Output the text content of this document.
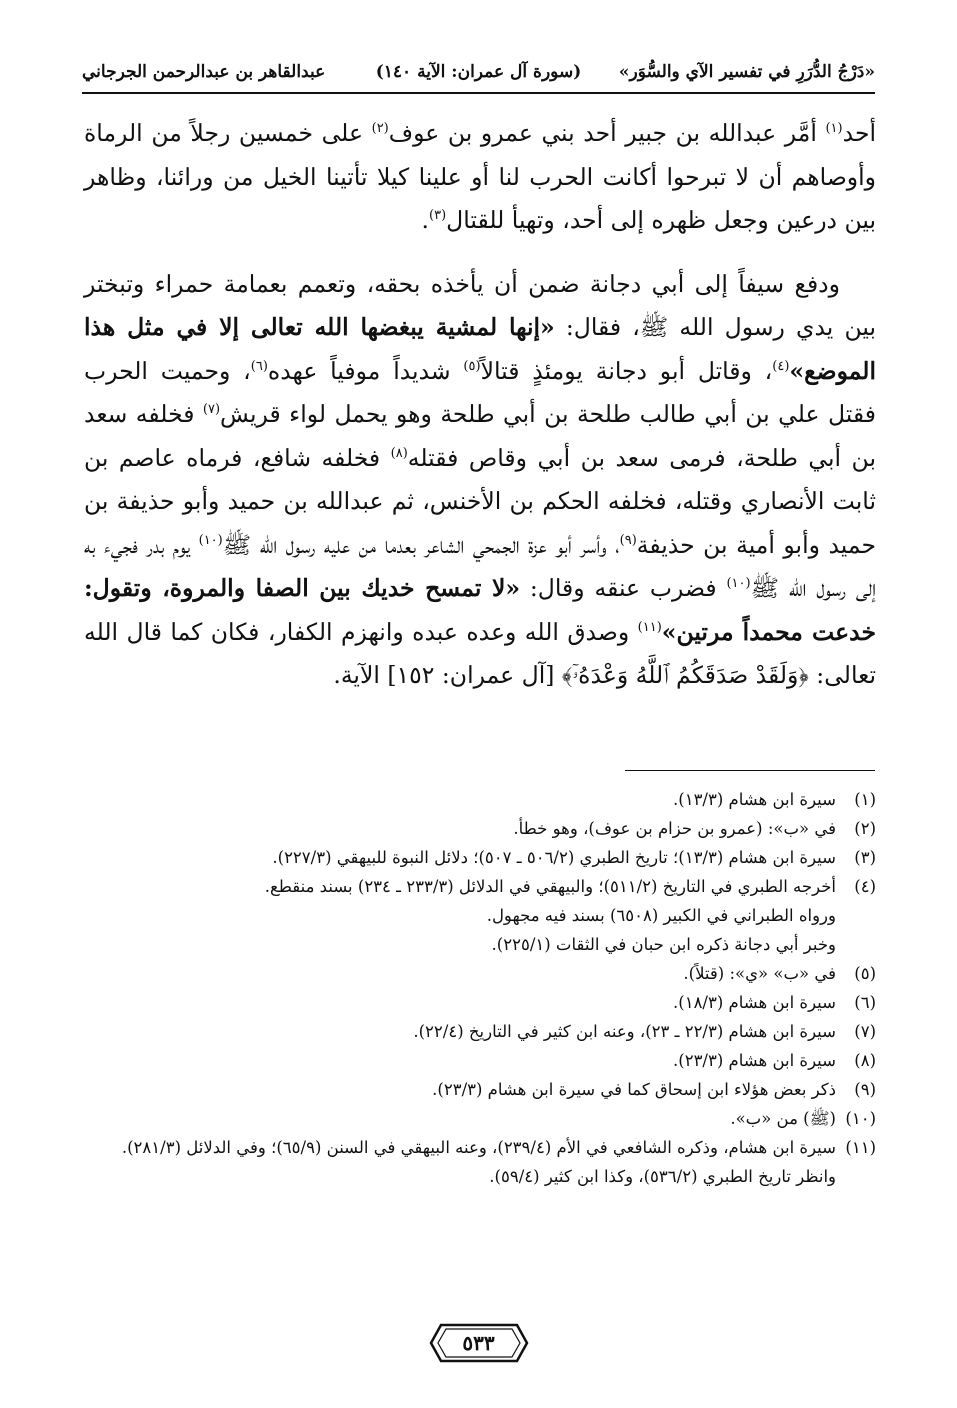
«دَرْجُ الدُّرَرِ في تفسير الآي والسُّوَر»
(سورة آل عمران: الآية ١٤٠)
عبدالقاهر بن عبدالرحمن الجرجاني

أحد$^{(١)}$ أمَّر عبدالله بن جبير أحد بني عمرو بن عوف$^{(٢)}$ على خمسين رجلاً من الرماة وأوصاهم أن لا تبرحوا أكانت الحرب لنا أو علينا كيلا تأتينا الخيل من ورائنا، وظاهر بين درعين وجعل ظهره إلى أحد، وتهيأ للقتال$^{(٣)}$.

ودفع سيفاً إلى أبي دجانة ضمن أن يأخذه بحقه، وتعمم بعمامة حمراء وتبختر بين يدي رسول الله ﷺ، فقال: «إنها لمشية يبغضها الله تعالى إلا في مثل هذا الموضع»$^{(٤)}$، وقاتل أبو دجانة يومئذٍ قتالاً$^{(٥)}$ شديداً موفياً عهده$^{(٦)}$، وحميت الحرب فقتل علي بن أبي طالب طلحة بن أبي طلحة وهو يحمل لواء قريش$^{(٧)}$ فخلفه سعد بن أبي طلحة، فرمى سعد بن أبي وقاص فقتله$^{(٨)}$ فخلفه شافع، فرماه عاصم بن ثابت الأنصاري وقتله، فخلفه الحكم بن الأخنس، ثم عبدالله بن حميد وأبو حذيفة بن حميد وأبو أمية بن حذيفة$^{(٩)}$، وأسر أبو عزة الجمحي الشاعر بعدما من عليه رسول الله ﷺ$^{(١٠)}$ يوم بدر فجيء به إلى رسول الله ﷺ$^{(١٠)}$ فضرب عنقه وقال: «لا تمسح خديك بين الصفا والمروة، وتقول: خدعت محمداً مرتين»$^{(١١)}$ وصدق الله وعده عبده وانهزم الكفار، فكان كما قال الله تعالى: ﴿وَلَقَدْ صَدَقَكُمُ ٱللَّهُ وَعْدَهُۥٓ﴾ [آل عمران: ١٥٢] الآية.

(١)
سيرة ابن هشام (١٣/٣).
(٢)
في «ب»: (عمرو بن حزام بن عوف)، وهو خطأ.
(٣)
سيرة ابن هشام (١٣/٣)؛ تاريخ الطبري (٥٠٦/٢ ـ ٥٠٧)؛ دلائل النبوة للبيهقي (٢٢٧/٣).
(٤)
أخرجه الطبري في التاريخ (٥١١/٢)؛ والبيهقي في الدلائل (٢٣٣/٣ ـ ٢٣٤) بسند منقطع.
ورواه الطبراني في الكبير (٦٥٠٨) بسند فيه مجهول.
وخبر أبي دجانة ذكره ابن حبان في الثقات (٢٢٥/١).
(٥)
في «ب» «ي»: (قتلاً).
(٦)
سيرة ابن هشام (١٨/٣).
(٧)
سيرة ابن هشام (٢٢/٣ ـ ٢٣)، وعنه ابن كثير في التاريخ (٢٢/٤).
(٨)
سيرة ابن هشام (٢٣/٣).
(٩)
ذكر بعض هؤلاء ابن إسحاق كما في سيرة ابن هشام (٢٣/٣).
(١٠)
(ﷺ) من «ب».
(١١)
سيرة ابن هشام، وذكره الشافعي في الأم (٢٣٩/٤)، وعنه البيهقي في السنن (٦٥/٩)؛ وفي الدلائل (٢٨١/٣).
وانظر تاريخ الطبري (٥٣٦/٢)، وكذا ابن كثير (٥٩/٤).
٥٣٣
